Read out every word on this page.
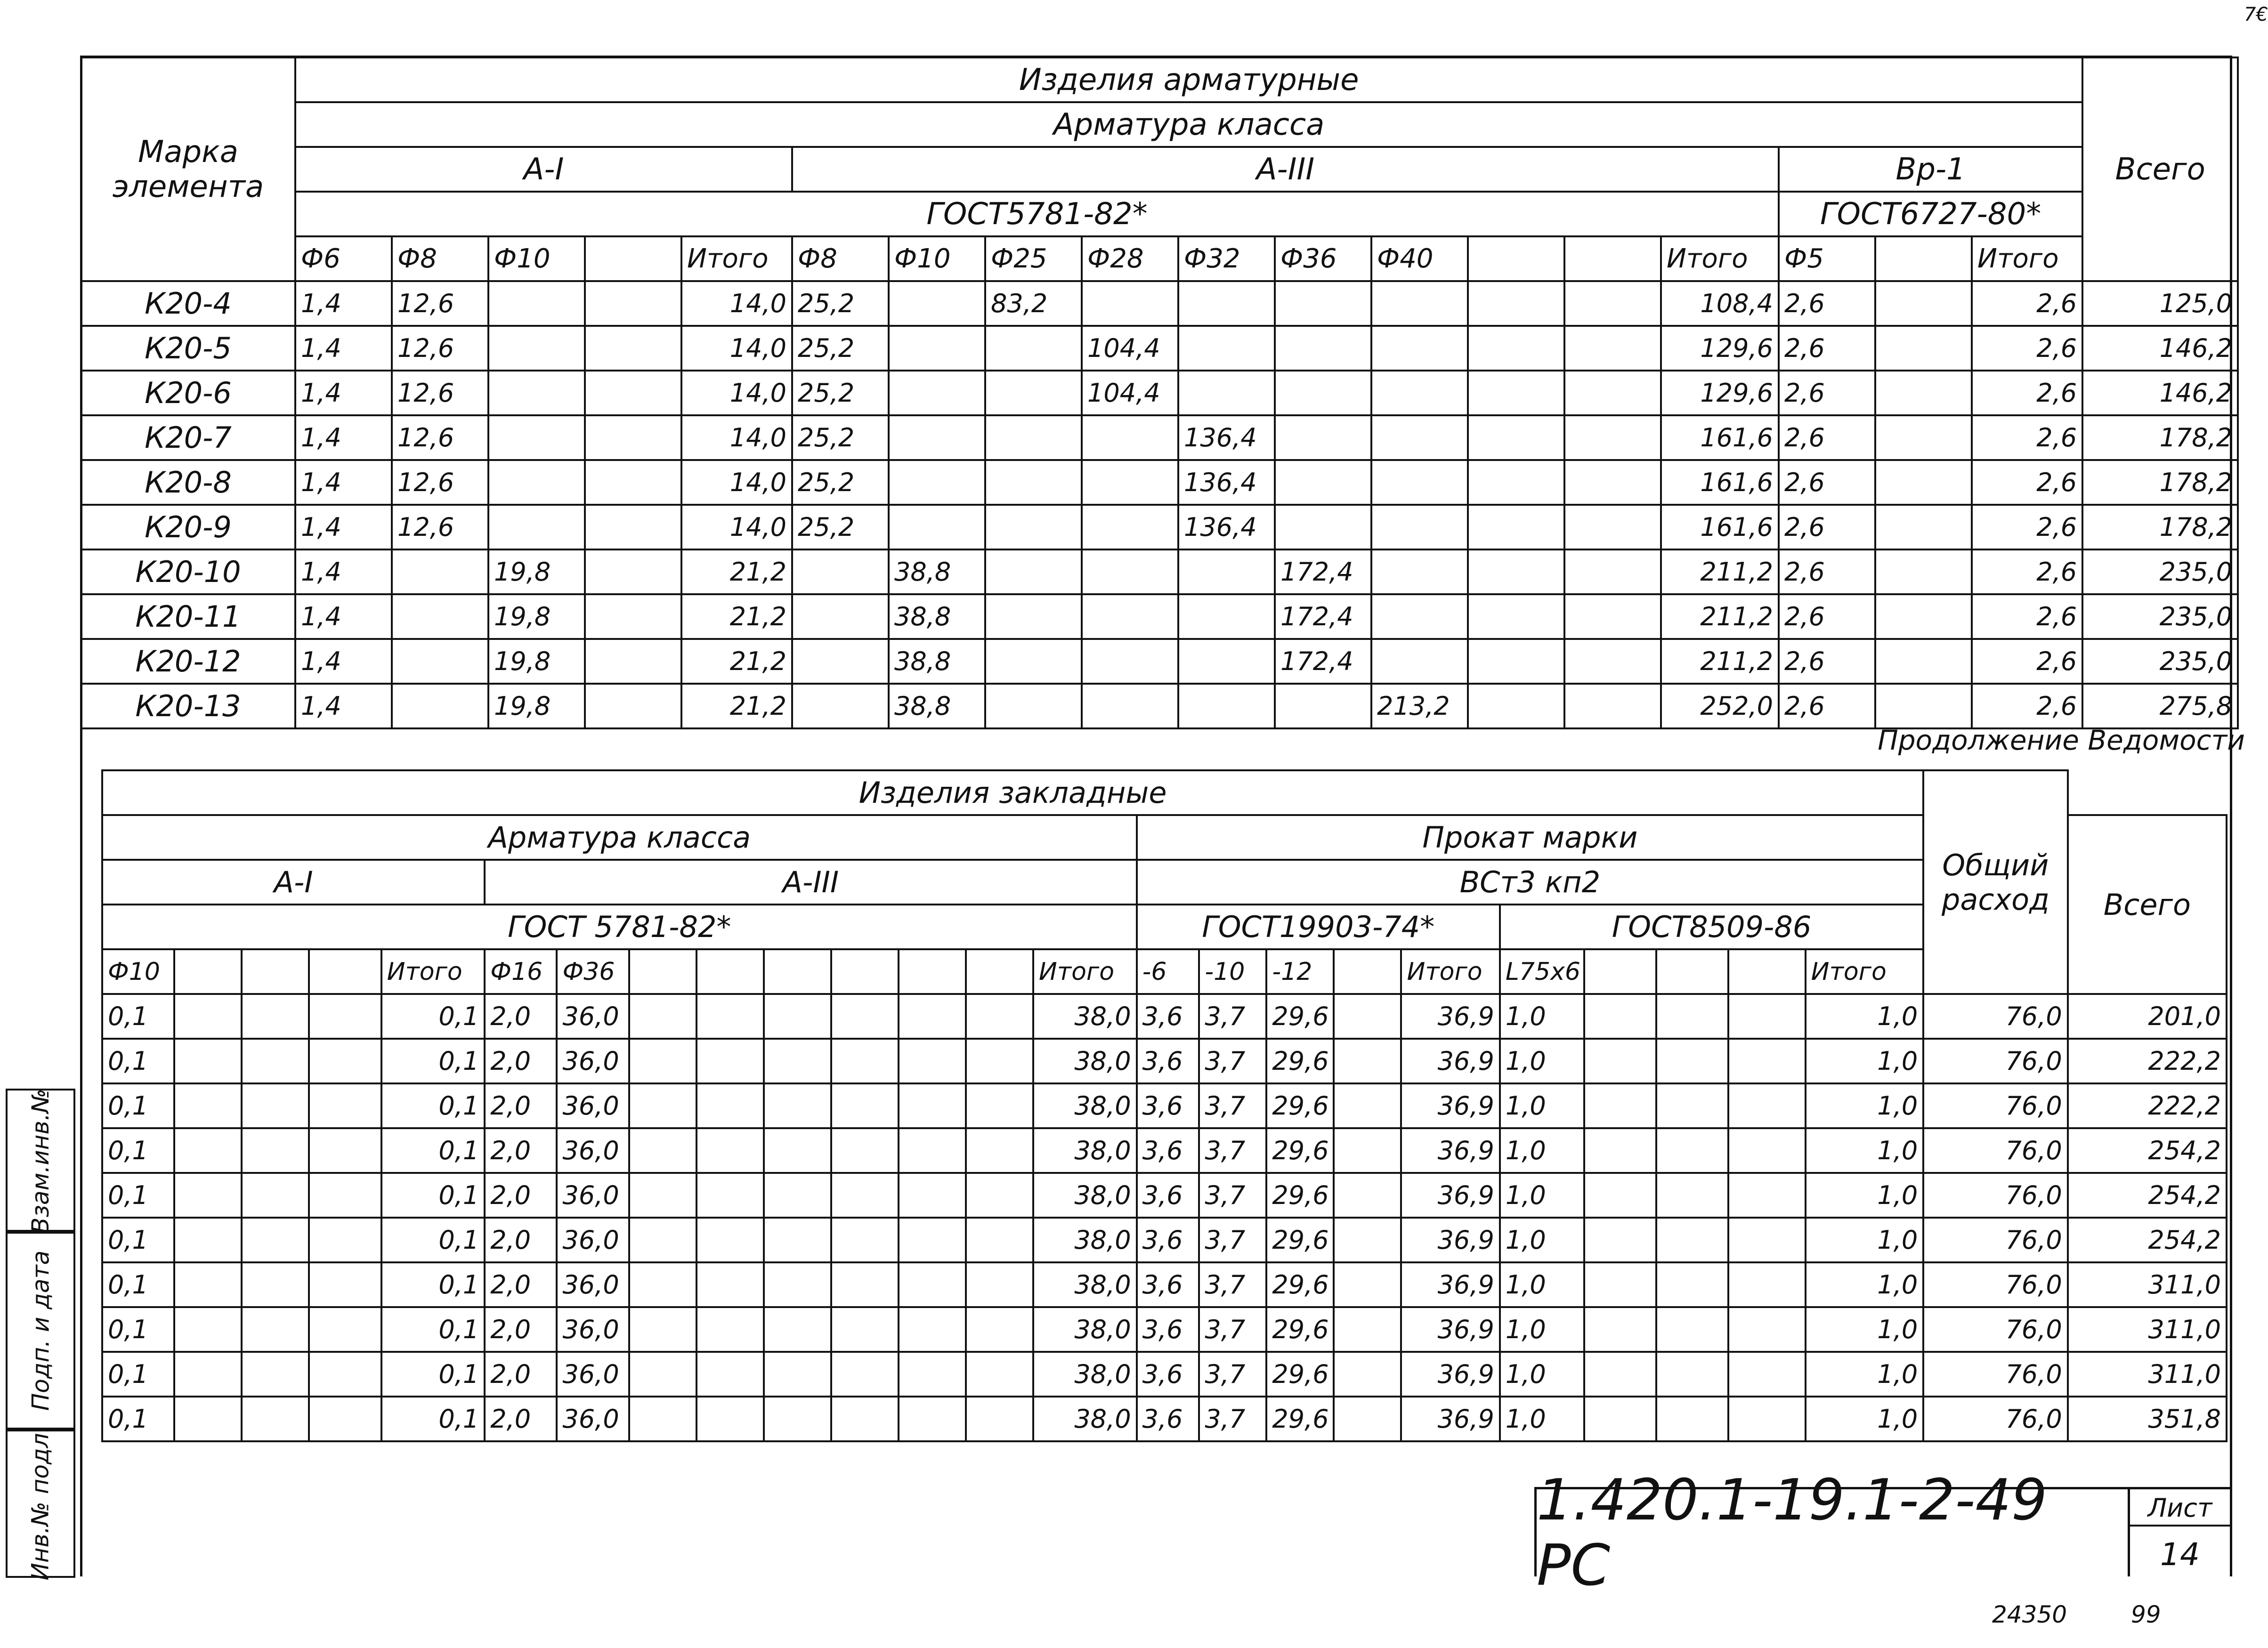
7€
Марка элемента	Изделия арматурные																		Всего
	Арматура класса																		
	А-I					А-III										Вр-1			
	ГОСТ5781-82*															ГОСТ6727-80*			
	Ф6	Ф8	Ф10		Итого	Ф8	Ф10	Ф25	Ф28	Ф32	Ф36	Ф40			Итого	Ф5		Итого	
К20-4	1,4	12,6			14,0	25,2		83,2							108,4	2,6		2,6	125,0
К20-5	1,4	12,6			14,0	25,2			104,4						129,6	2,6		2,6	146,2
К20-6	1,4	12,6			14,0	25,2			104,4						129,6	2,6		2,6	146,2
К20-7	1,4	12,6			14,0	25,2				136,4					161,6	2,6		2,6	178,2
К20-8	1,4	12,6			14,0	25,2				136,4					161,6	2,6		2,6	178,2
К20-9	1,4	12,6			14,0	25,2				136,4					161,6	2,6		2,6	178,2
К20-10	1,4		19,8		21,2		38,8				172,4				211,2	2,6		2,6	235,0
К20-11	1,4		19,8		21,2		38,8				172,4				211,2	2,6		2,6	235,0
К20-12	1,4		19,8		21,2		38,8				172,4				211,2	2,6		2,6	235,0
К20-13	1,4		19,8		21,2		38,8					213,2			252,0	2,6		2,6	275,8
Продолжение Ведомости
Изделия закладные																								Общий расход	
Арматура класса														Прокат марки											Всего
А-I					А-III									ВСт3 кп2											
ГОСТ 5781-82*														ГОСТ19903-74*					ГОСТ8509-86						
Ф10				Итого	Ф16	Ф36							Итого	-6	-10	-12		Итого	L75х6				Итого		
0,1				0,1	2,0	36,0							38,0	3,6	3,7	29,6		36,9	1,0				1,0	76,0	201,0
0,1				0,1	2,0	36,0							38,0	3,6	3,7	29,6		36,9	1,0				1,0	76,0	222,2
0,1				0,1	2,0	36,0							38,0	3,6	3,7	29,6		36,9	1,0				1,0	76,0	222,2
0,1				0,1	2,0	36,0							38,0	3,6	3,7	29,6		36,9	1,0				1,0	76,0	254,2
0,1				0,1	2,0	36,0							38,0	3,6	3,7	29,6		36,9	1,0				1,0	76,0	254,2
0,1				0,1	2,0	36,0							38,0	3,6	3,7	29,6		36,9	1,0				1,0	76,0	254,2
0,1				0,1	2,0	36,0							38,0	3,6	3,7	29,6		36,9	1,0				1,0	76,0	311,0
0,1				0,1	2,0	36,0							38,0	3,6	3,7	29,6		36,9	1,0				1,0	76,0	311,0
0,1				0,1	2,0	36,0							38,0	3,6	3,7	29,6		36,9	1,0				1,0	76,0	311,0
0,1				0,1	2,0	36,0							38,0	3,6	3,7	29,6		36,9	1,0				1,0	76,0	351,8
Взам.инв.№
Подп. и дата
Инв.№ подл.	1.420.1-19.1-2-49 РС
Лист
14
24350	99
